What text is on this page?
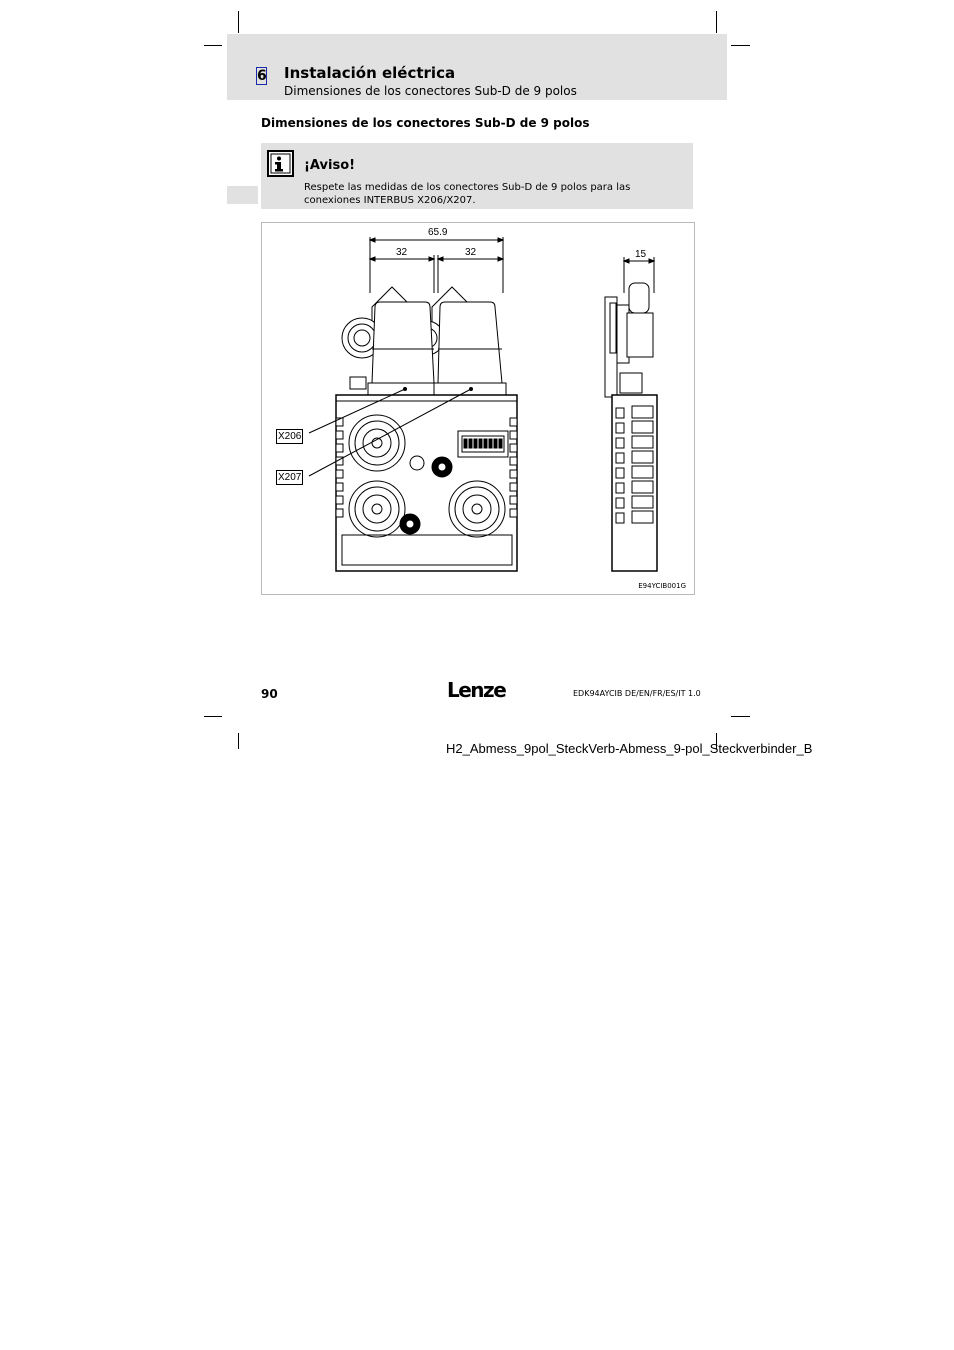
6 Instalación eléctrica
Dimensiones de los conectores Sub-D de 9 polos
Dimensiones de los conectores Sub-D de 9 polos
¡Aviso!
Respete las medidas de los conectores Sub-D de 9 polos para las conexiones INTERBUS X206/X207.
65.9
32	32	15
X206
X207
E94YCIB001G
90	Lenze	EDK94AYCIB DE/EN/FR/ES/IT 1.0
H2_Abmess_9pol_SteckVerb-Abmess_9-pol_Steckverbinder_B
